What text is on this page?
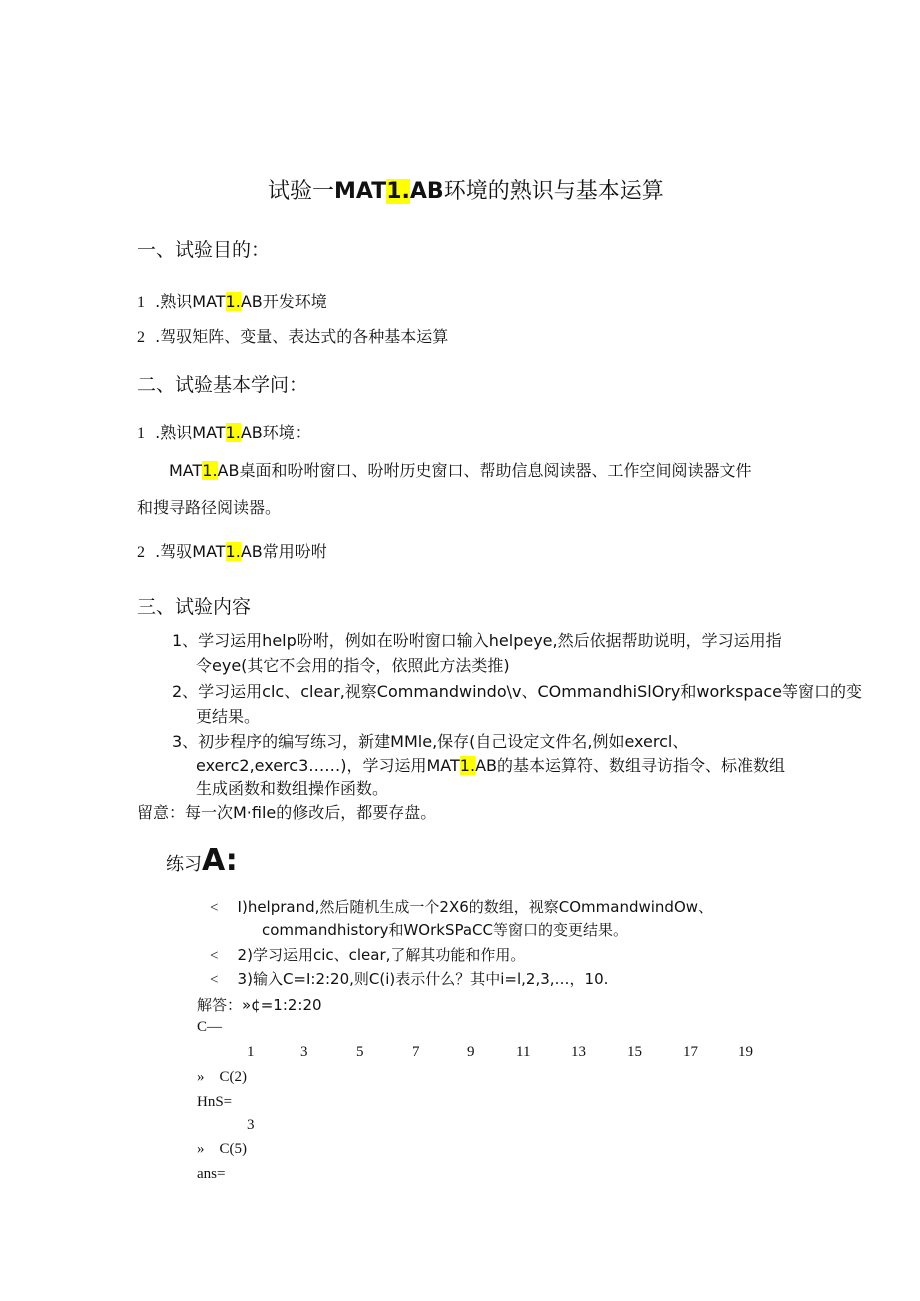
试验一MAT1.AB环境的熟识与基本运算
一、试验目的：
1 .熟识MAT1.AB开发环境
2 .驾驭矩阵、变量、表达式的各种基本运算
二、试验基本学问：
1 .熟识MAT1.AB环境：
MAT1.AB桌面和吩咐窗口、吩咐历史窗口、帮助信息阅读器、工作空间阅读器文件
和搜寻路径阅读器。
2 .驾驭MAT1.AB常用吩咐
三、试验内容
1、学习运用help吩咐，例如在吩咐窗口输入helpeye,然后依据帮助说明，学习运用指
令eye(其它不会用的指令，依照此方法类推)
2、学习运用clc、clear,视察Commandwindo\v、COmmandhiSlOry和workspace等窗口的变
更结果。
3、初步程序的编写练习，新建MMle,保存(自己设定文件名,例如exercl、
exerc2,exerc3……)，学习运用MAT1.AB的基本运算符、数组寻访指令、标准数组
生成函数和数组操作函数。
留意：每一次M·file的修改后，都要存盘。
练习A:
< I)helprand,然后随机生成一个2X6的数组，视察COmmandwindOw、
commandhistory和WOrkSPaCC等窗口的变更结果。
< 2)学习运用cic、clear,了解其功能和作用。
< 3)输入C=I:2:20,则C(i)表示什么？其中i=l,2,3,…，10.
解答：»¢=1:2:20
C—
1	3	5	7	9	11	13	15	17	19
» C(2)
HnS=
3
» C(5)
ans=
